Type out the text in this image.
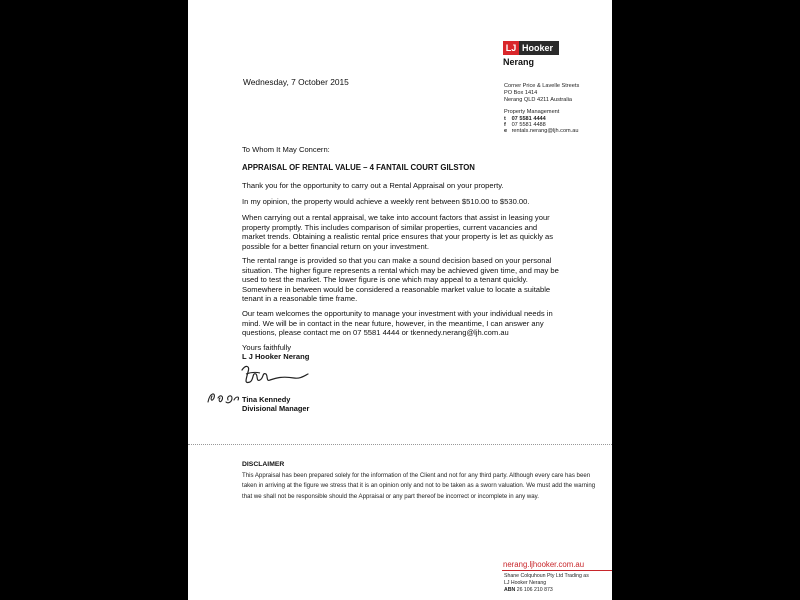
LJ Hooker
Nerang
Corner Price & Lavelle Streets
PO Box 1414
Nerang QLD 4211 Australia
Property Management
t 07 5581 4444
f 07 5581 4488
e rentals.nerang@ljh.com.au
Wednesday, 7 October 2015
To Whom It May Concern:
APPRAISAL OF RENTAL VALUE – 4 FANTAIL COURT GILSTON
Thank you for the opportunity to carry out a Rental Appraisal on your property.
In my opinion, the property would achieve a weekly rent between $510.00 to $530.00.
When carrying out a rental appraisal, we take into account factors that assist in leasing your property promptly. This includes comparison of similar properties, current vacancies and market trends. Obtaining a realistic rental price ensures that your property is let as quickly as possible for a better financial return on your investment.
The rental range is provided so that you can make a sound decision based on your personal situation. The higher figure represents a rental which may be achieved given time, and may be used to test the market. The lower figure is one which may appeal to a tenant quickly. Somewhere in between would be considered a reasonable market value to locate a suitable tenant in a reasonable time frame.
Our team welcomes the opportunity to manage your investment with your individual needs in mind. We will be in contact in the near future, however, in the meantime, I can answer any questions, please contact me on 07 5581 4444 or tkennedy.nerang@ljh.com.au
Yours faithfully
L J Hooker Nerang
Tina Kennedy
Divisional Manager
DISCLAIMER
This Appraisal has been prepared solely for the information of the Client and not for any third party. Although every care has been taken in arriving at the figure we stress that it is an opinion only and not to be taken as a sworn valuation. We must add the warning that we shall not be responsible should the Appraisal or any part thereof be incorrect or incomplete in any way.
nerang.ljhooker.com.au
Shane Colquhoun Pty Ltd Trading as
LJ Hooker Nerang
ABN 26 106 210 873
